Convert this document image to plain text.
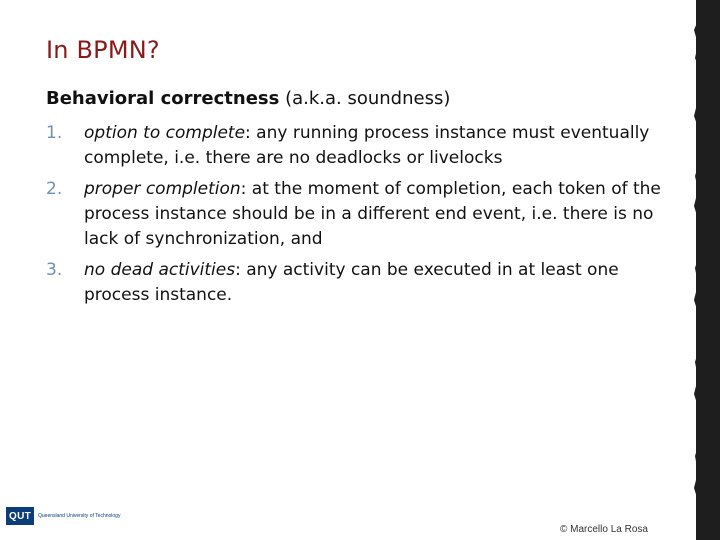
In BPMN?
Behavioral correctness (a.k.a. soundness)
1. option to complete: any running process instance must eventually complete, i.e. there are no deadlocks or livelocks
2. proper completion: at the moment of completion, each token of the process instance should be in a different end event, i.e. there is no lack of synchronization, and
3. no dead activities: any activity can be executed in at least one process instance.
QUT	Queensland University of Technology
© Marcello La Rosa
